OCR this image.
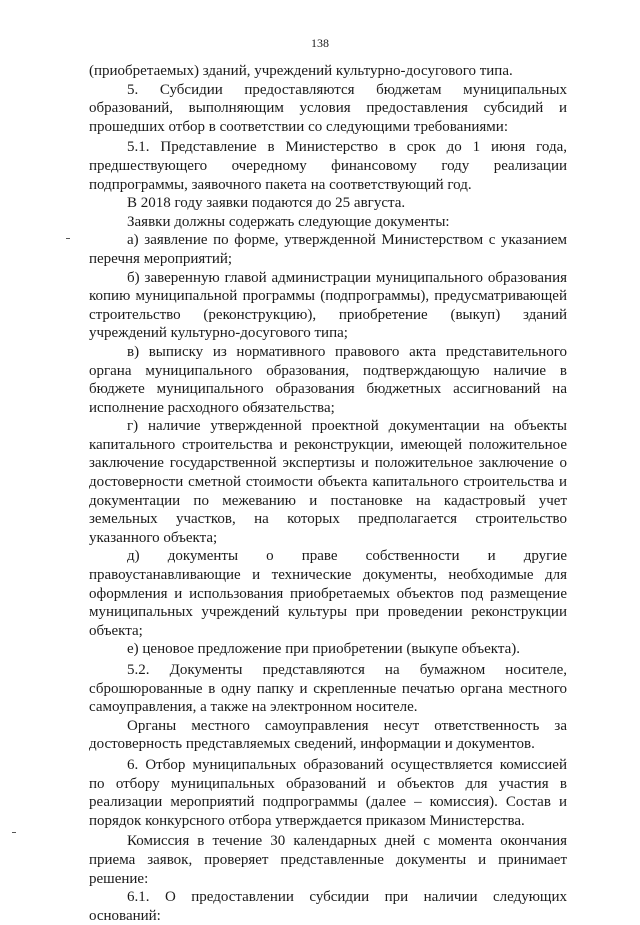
138

(приобретаемых) зданий, учреждений культурно-досугового типа.

5. Субсидии предоставляются бюджетам муниципальных образований, выполняющим условия предоставления субсидий и прошедших отбор в соответствии со следующими требованиями:

5.1. Представление в Министерство в срок до 1 июня года, предшествующего очередному финансовому году реализации подпрограммы, заявочного пакета на соответствующий год.

В 2018 году заявки подаются до 25 августа.

Заявки должны содержать следующие документы:

а) заявление по форме, утвержденной Министерством с указанием перечня мероприятий;

б) заверенную главой администрации муниципального образования копию муниципальной программы (подпрограммы), предусматривающей строительство (реконструкцию), приобретение (выкуп) зданий учреждений культурно-досугового типа;

в) выписку из нормативного правового акта представительного органа муниципального образования, подтверждающую наличие в бюджете муниципального образования бюджетных ассигнований на исполнение расходного обязательства;

г) наличие утвержденной проектной документации на объекты капитального строительства и реконструкции, имеющей положительное заключение государственной экспертизы и положительное заключение о достоверности сметной стоимости объекта капитального строительства и документации по межеванию и постановке на кадастровый учет земельных участков, на которых предполагается строительство указанного объекта;

д) документы о праве собственности и другие правоустанавливающие и технические документы, необходимые для оформления и использования приобретаемых объектов под размещение муниципальных учреждений культуры при проведении реконструкции объекта;

е) ценовое предложение при приобретении (выкупе объекта).

5.2. Документы представляются на бумажном носителе, сброшюрованные в одну папку и скрепленные печатью органа местного самоуправления, а также на электронном носителе.

Органы местного самоуправления несут ответственность за достоверность представляемых сведений, информации и документов.

6. Отбор муниципальных образований осуществляется комиссией по отбору муниципальных образований и объектов для участия в реализации мероприятий подпрограммы (далее – комиссия). Состав и порядок конкурсного отбора утверждается приказом Министерства.

Комиссия в течение 30 календарных дней с момента окончания приема заявок, проверяет представленные документы и принимает решение:

6.1. О предоставлении субсидии при наличии следующих оснований:
